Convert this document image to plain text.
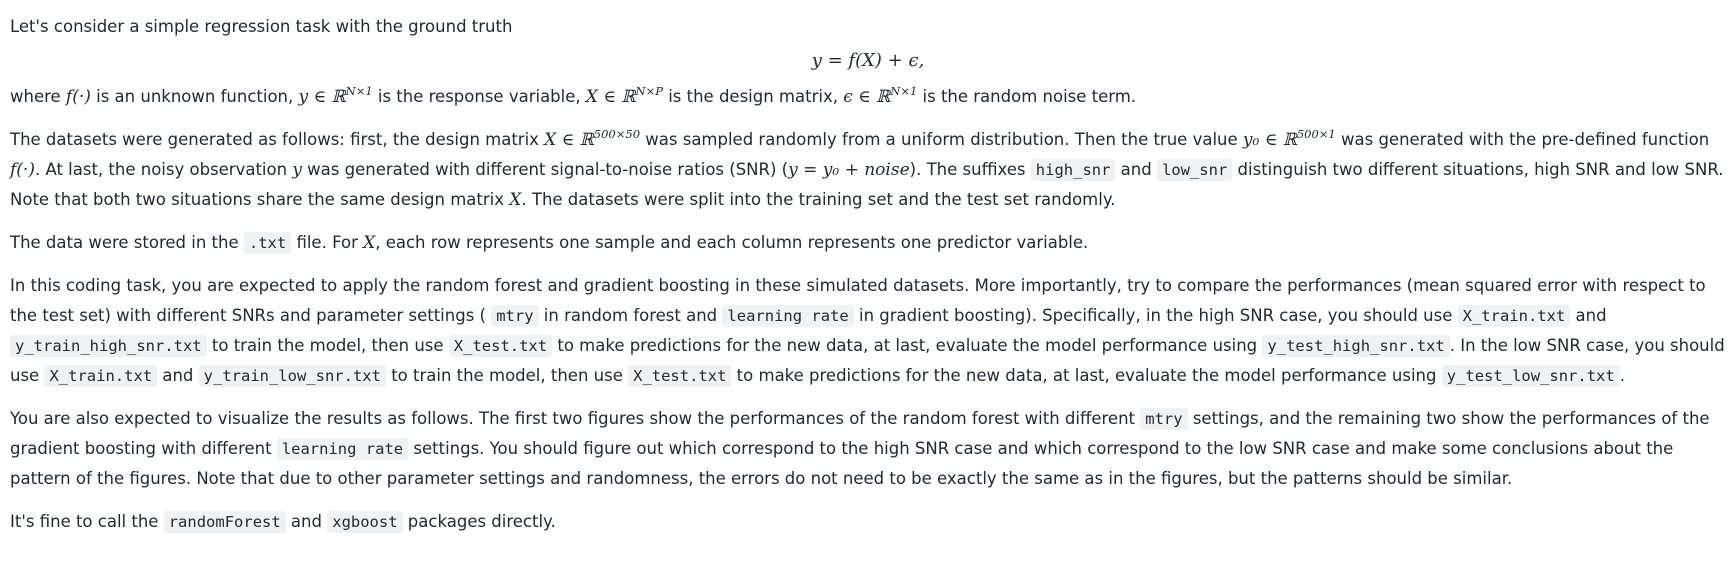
Let's consider a simple regression task with the ground truth

y = f(X) + ϵ,

where f(·) is an unknown function, y ∈ ℝ$^{N\times 1}$ is the response variable, X ∈ ℝ$^{N\times P}$ is the design matrix, ϵ ∈ ℝ$^{N\times 1}$ is the random noise term.

The datasets were generated as follows: first, the design matrix X ∈ ℝ$^{500\times 50}$ was sampled randomly from a uniform distribution. Then the true value y₀ ∈ ℝ$^{500\times 1}$ was generated with the pre-defined function f(·). At last, the noisy observation y was generated with different signal-to-noise ratios (SNR) (y = y₀ + noise). The suffixes high_snr and low_snr distinguish two different situations, high SNR and low SNR. Note that both two situations share the same design matrix X. The datasets were split into the training set and the test set randomly.

The data were stored in the .txt file. For X, each row represents one sample and each column represents one predictor variable.

In this coding task, you are expected to apply the random forest and gradient boosting in these simulated datasets. More importantly, try to compare the performances (mean squared error with respect to the test set) with different SNRs and parameter settings ( mtry in random forest and learning rate in gradient boosting). Specifically, in the high SNR case, you should use X_train.txt and y_train_high_snr.txt to train the model, then use X_test.txt to make predictions for the new data, at last, evaluate the model performance using y_test_high_snr.txt . In the low SNR case, you should use X_train.txt and y_train_low_snr.txt to train the model, then use X_test.txt to make predictions for the new data, at last, evaluate the model performance using y_test_low_snr.txt .

You are also expected to visualize the results as follows. The first two figures show the performances of the random forest with different mtry settings, and the remaining two show the performances of the gradient boosting with different learning rate settings. You should figure out which correspond to the high SNR case and which correspond to the low SNR case and make some conclusions about the pattern of the figures. Note that due to other parameter settings and randomness, the errors do not need to be exactly the same as in the figures, but the patterns should be similar.

It's fine to call the randomForest and xgboost packages directly.
